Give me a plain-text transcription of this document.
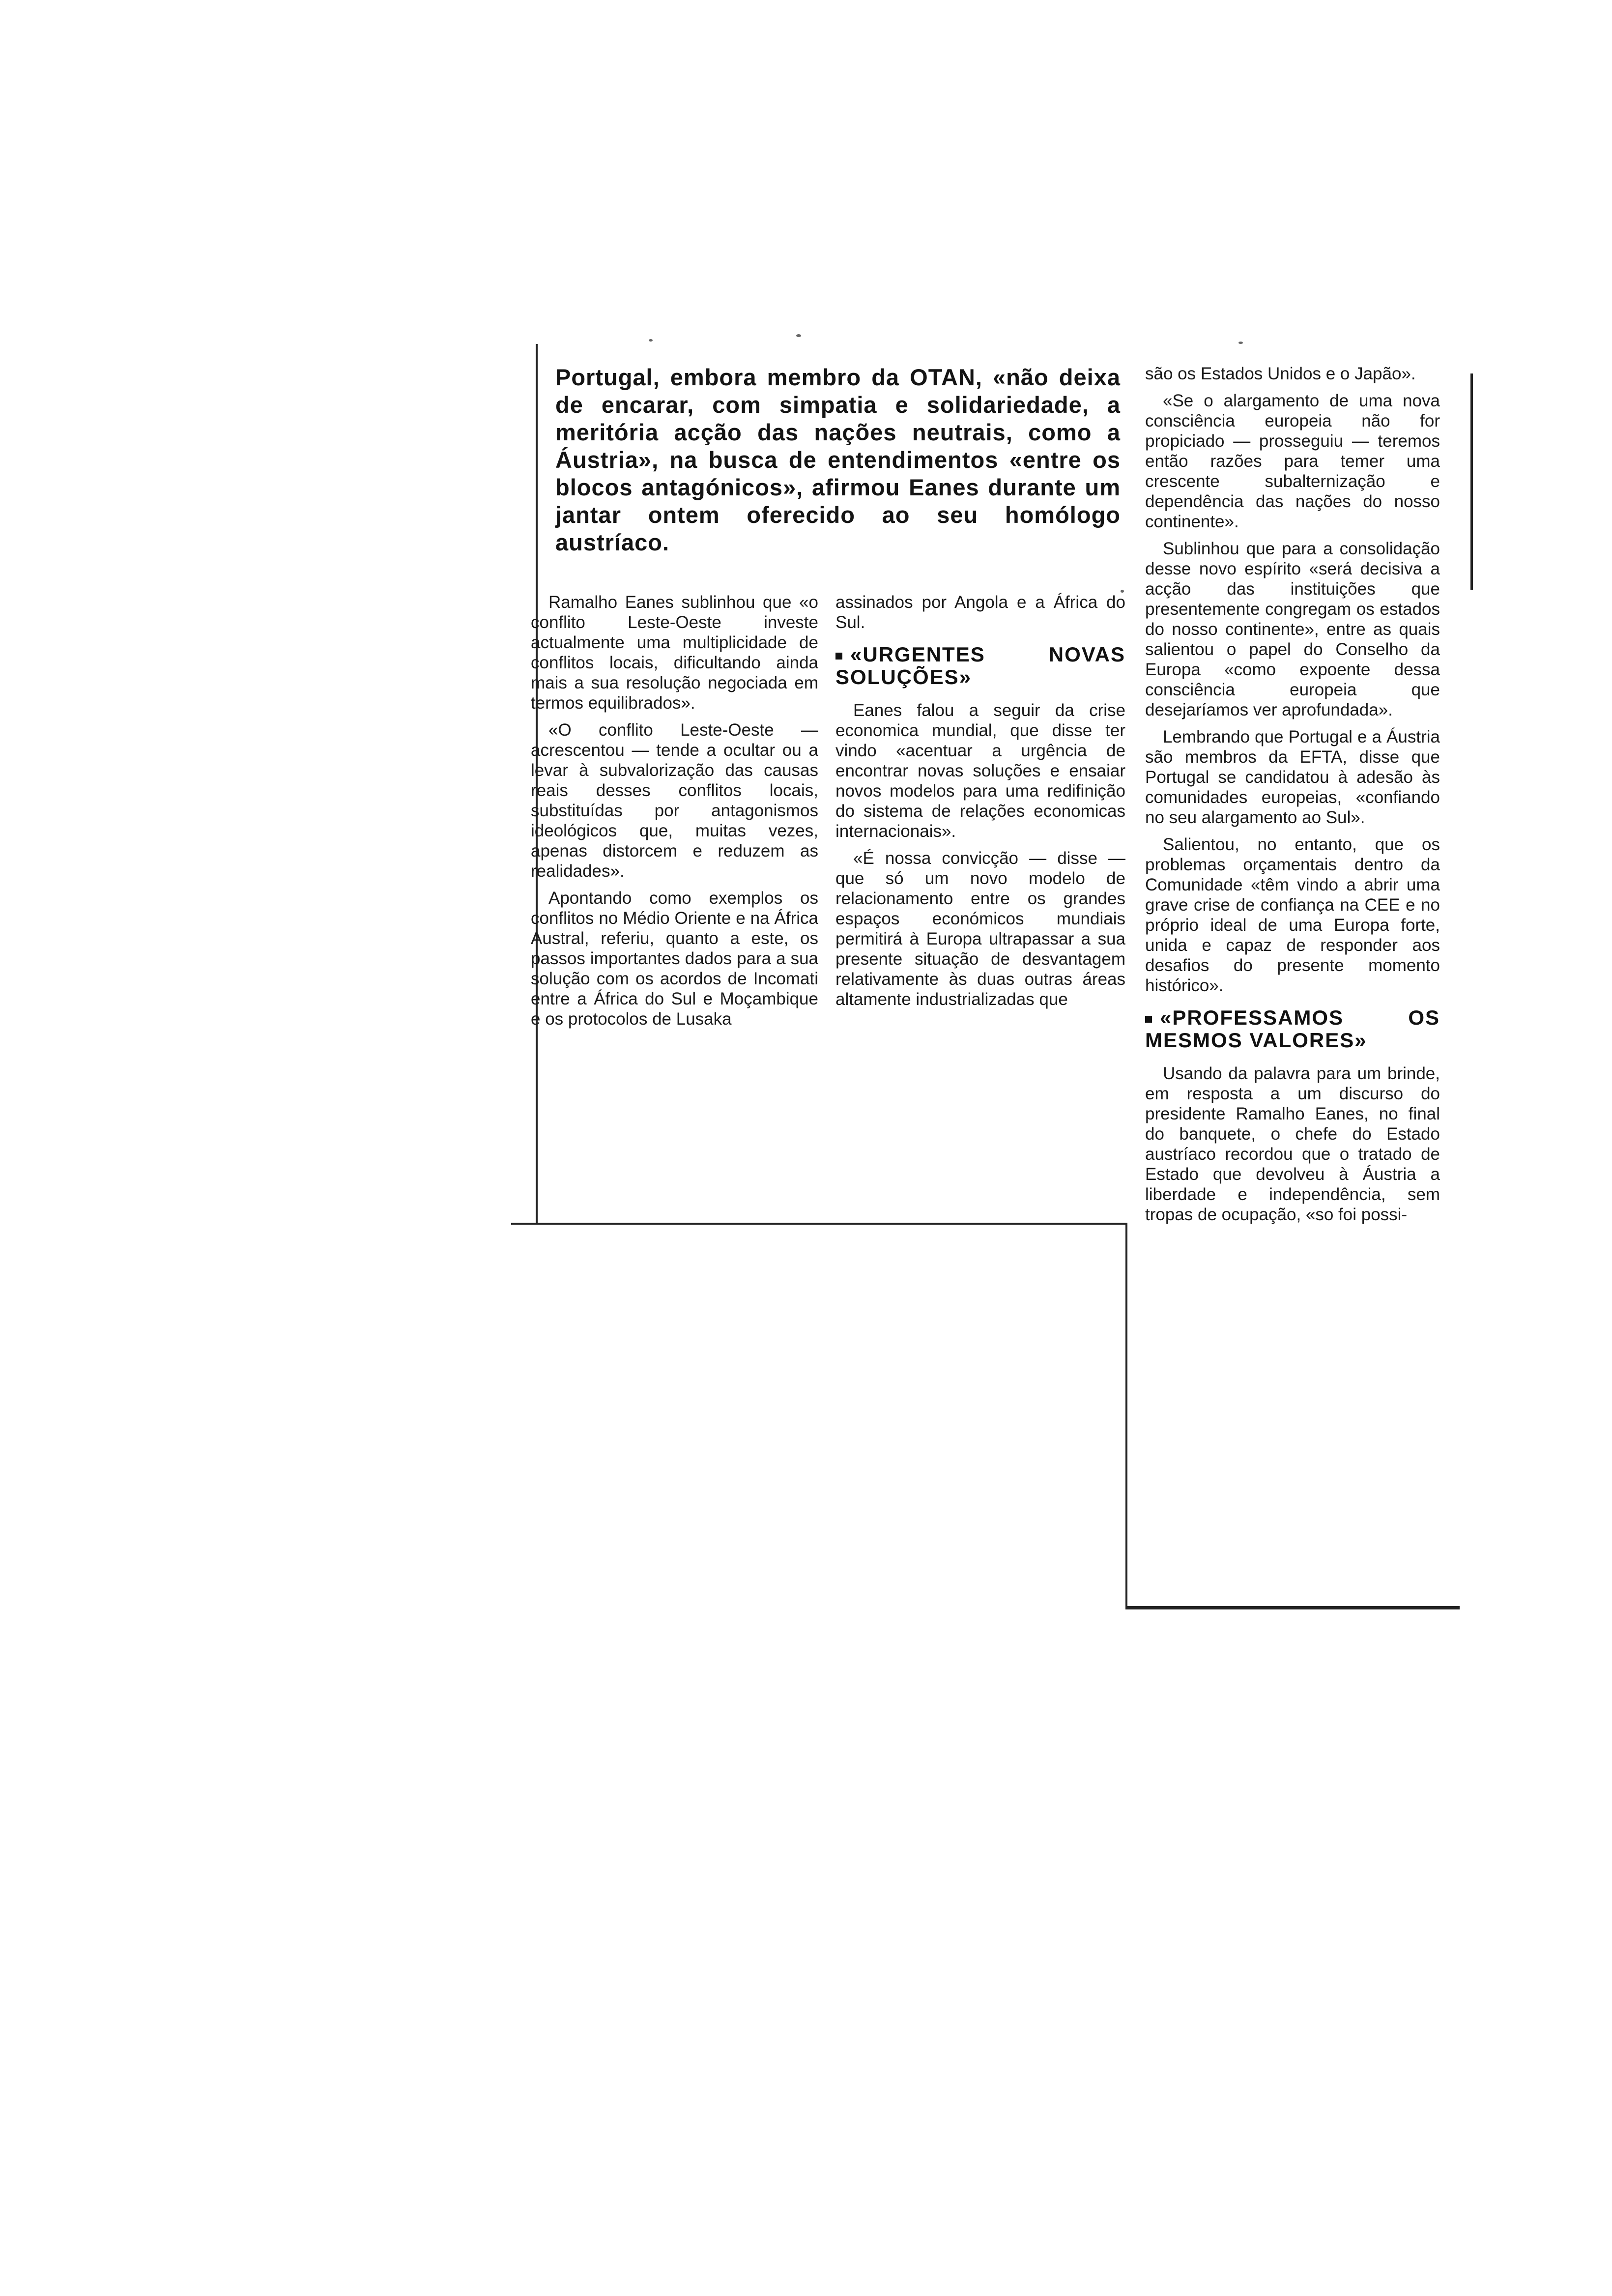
Portugal, embora membro da OTAN, «não deixa de encarar, com simpatia e solidariedade, a meritória acção das nações neutrais, como a Áustria», na busca de entendimentos «entre os blocos antagónicos», afirmou Eanes durante um jantar ontem oferecido ao seu homólogo austríaco.

Ramalho Eanes sublinhou que «o conflito Leste-Oeste investe actualmente uma multiplicidade de conflitos locais, dificultando ainda mais a sua resolução negociada em termos equilibrados».

«O conflito Leste-Oeste — acrescentou — tende a ocultar ou a levar à subvalorização das causas reais desses conflitos locais, substituídas por antagonismos ideológicos que, muitas vezes, apenas distorcem e reduzem as realidades».

Apontando como exemplos os conflitos no Médio Oriente e na África Austral, referiu, quanto a este, os passos importantes dados para a sua solução com os acordos de Incomati entre a África do Sul e Moçambique e os protocolos de Lusaka

assinados por Angola e a África do Sul.

«URGENTES NOVAS SOLUÇÕES»

Eanes falou a seguir da crise economica mundial, que disse ter vindo «acentuar a urgência de encontrar novas soluções e ensaiar novos modelos para uma redifinição do sistema de relações economicas internacionais».

«É nossa convicção — disse — que só um novo modelo de relacionamento entre os grandes espaços económicos mundiais permitirá à Europa ultrapassar a sua presente situação de desvantagem relativamente às duas outras áreas altamente industrializadas que

são os Estados Unidos e o Japão».

«Se o alargamento de uma nova consciência europeia não for propiciado — prosseguiu — teremos então razões para temer uma crescente subalternização e dependência das nações do nosso continente».

Sublinhou que para a consolidação desse novo espírito «será decisiva a acção das instituições que presentemente congregam os estados do nosso continente», entre as quais salientou o papel do Conselho da Europa «como expoente dessa consciência europeia que desejaríamos ver aprofundada».

Lembrando que Portugal e a Áustria são membros da EFTA, disse que Portugal se candidatou à adesão às comunidades europeias, «confiando no seu alargamento ao Sul».

Salientou, no entanto, que os problemas orçamentais dentro da Comunidade «têm vindo a abrir uma grave crise de confiança na CEE e no próprio ideal de uma Europa forte, unida e capaz de responder aos desafios do presente momento histórico».

«PROFESSAMOS OS MESMOS VALORES»

Usando da palavra para um brinde, em resposta a um discurso do presidente Ramalho Eanes, no final do banquete, o chefe do Estado austríaco recordou que o tratado de Estado que devolveu à Áustria a liberdade e independência, sem tropas de ocupação, «so foi possi-
